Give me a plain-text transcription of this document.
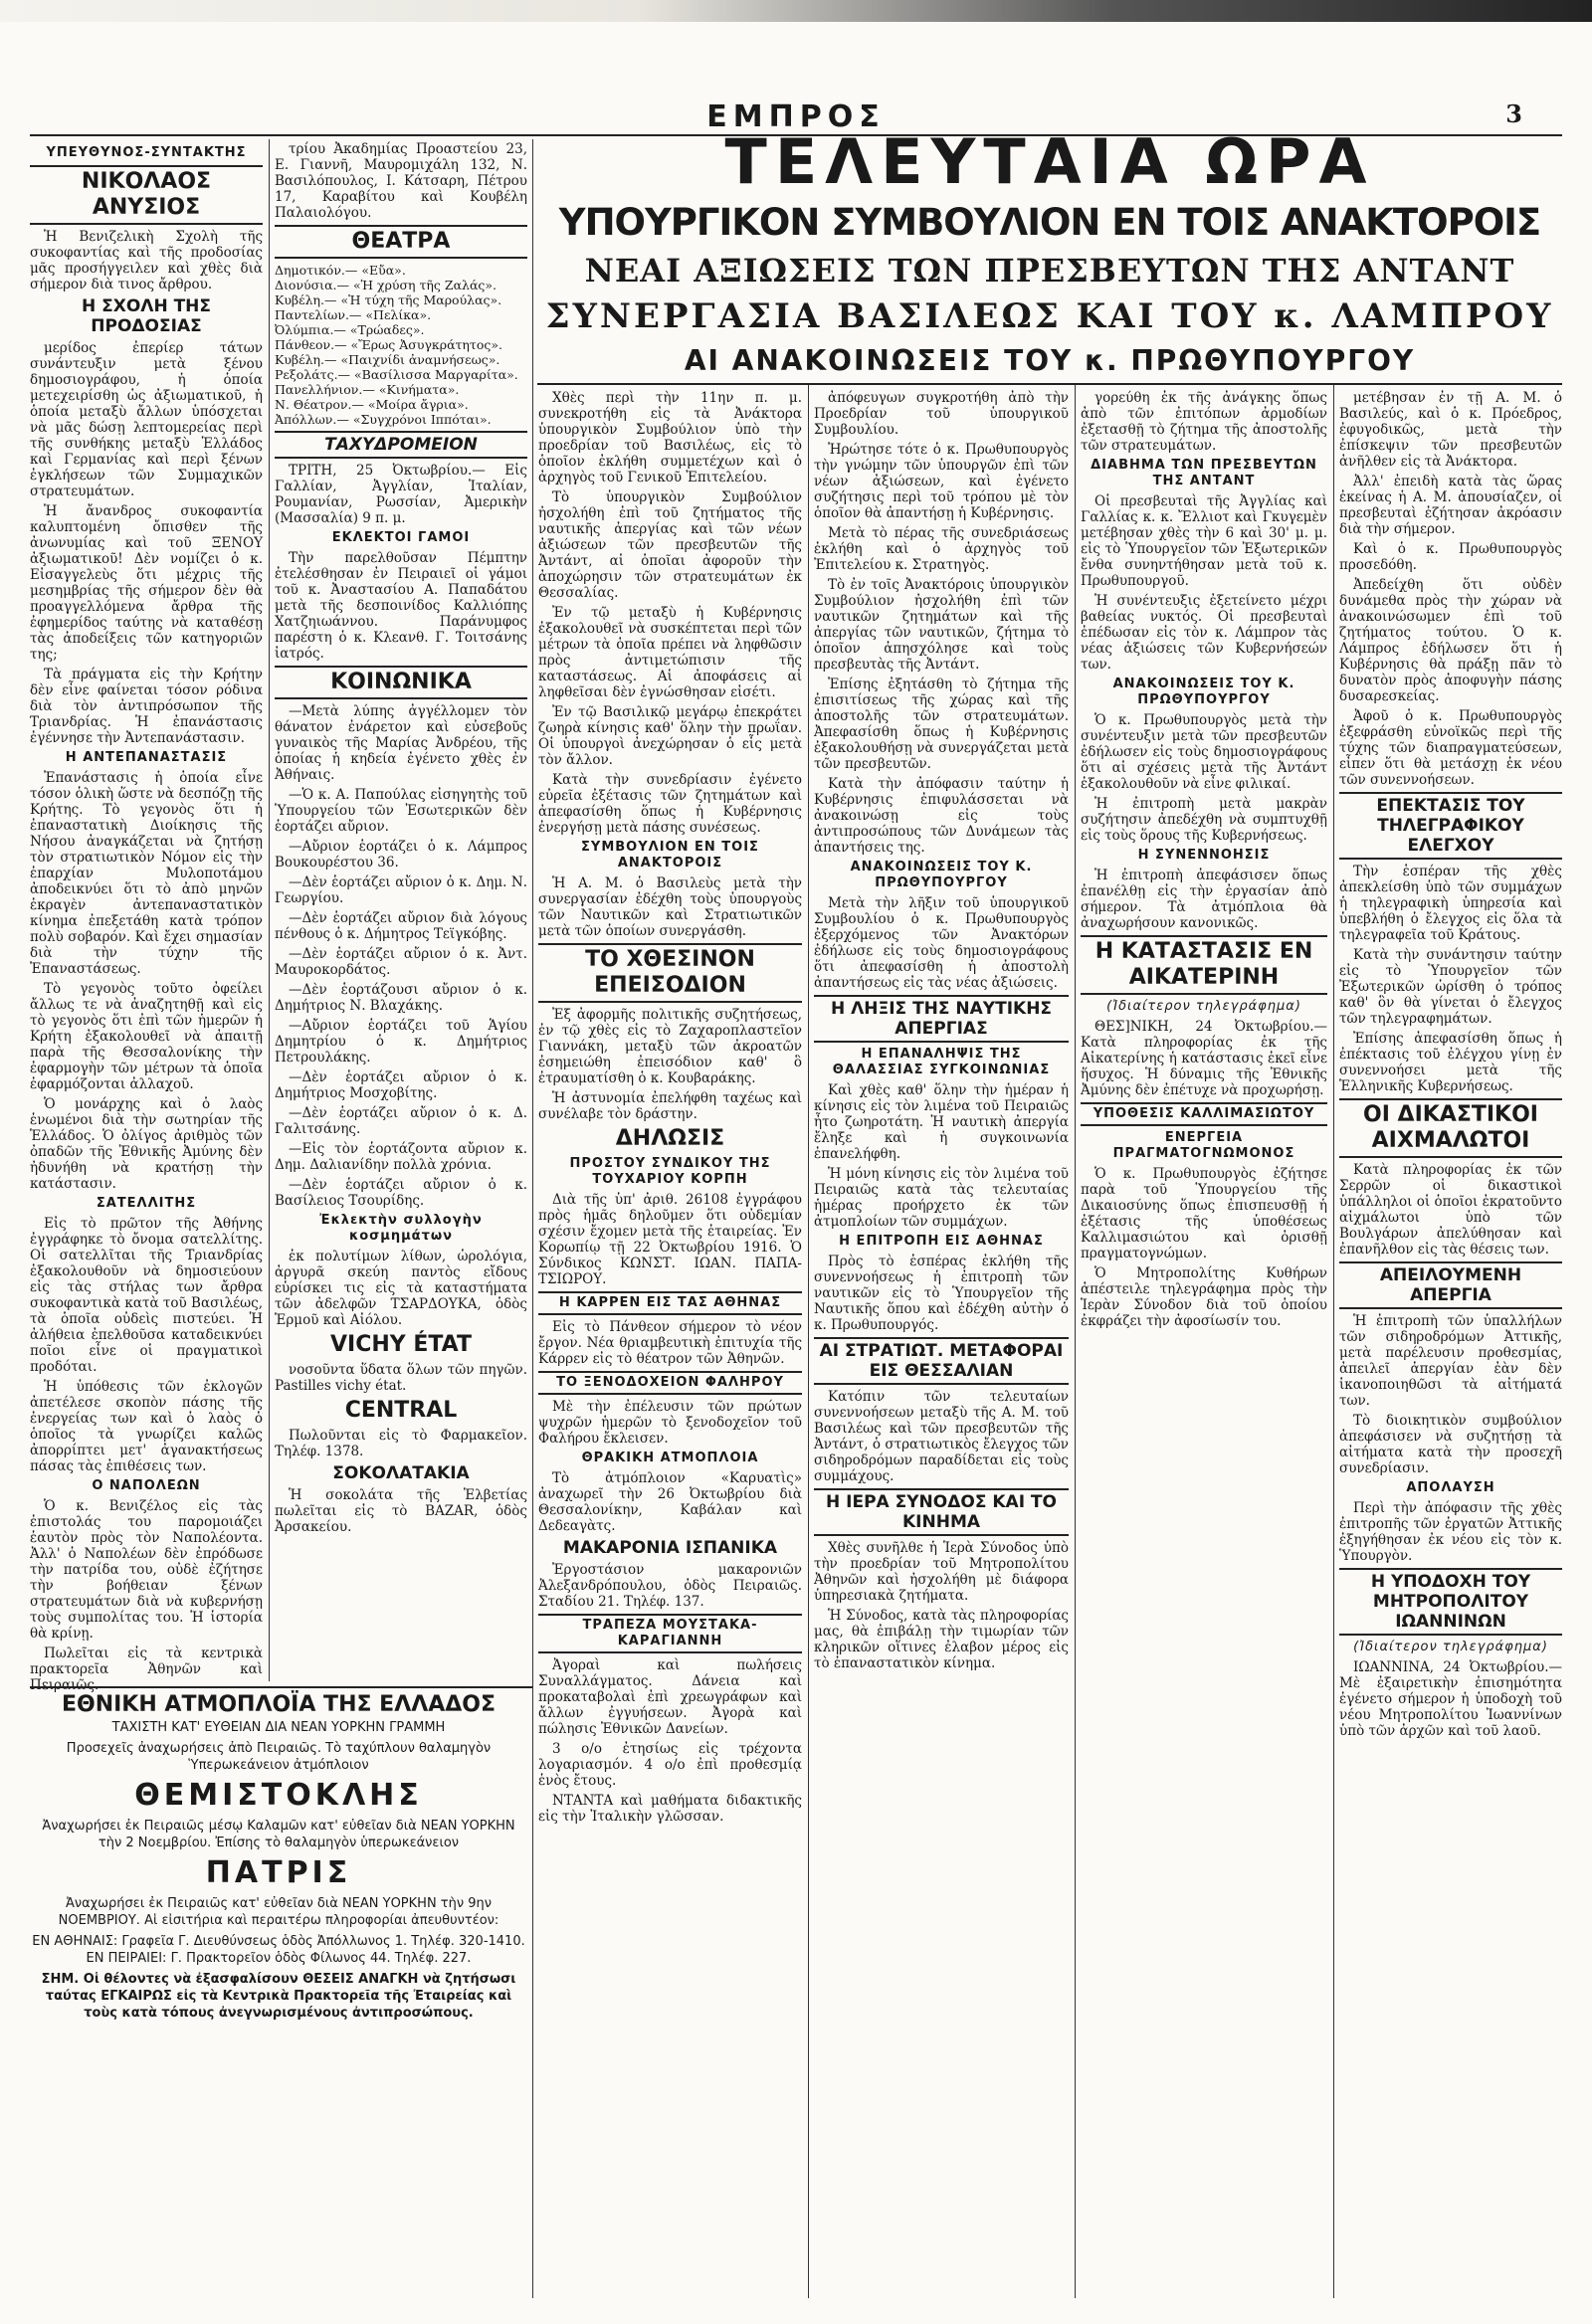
ΕΜΠΡΟΣ	3
ΤΕΛΕΥΤΑΙΑ ΩΡΑ
ΥΠΟΥΡΓΙΚΟΝ ΣΥΜΒΟΥΛΙΟΝ ΕΝ ΤΟΙΣ ΑΝΑΚΤΟΡΟΙΣ
ΝΕΑΙ ΑΞΙΩΣΕΙΣ ΤΩΝ ΠΡΕΣΒΕΥΤΩΝ ΤΗΣ ΑΝΤΑΝΤ
ΣΥΝΕΡΓΑΣΙΑ ΒΑΣΙΛΕΩΣ ΚΑΙ ΤΟΥ κ. ΛΑΜΠΡΟΥ
ΑΙ ΑΝΑΚΟΙΝΩΣΕΙΣ ΤΟΥ κ. ΠΡΩΘΥΠΟΥΡΓΟΥ
ΥΠΕΥΘΥΝΟΣ-ΣΥΝΤΑΚΤΗΣ
ΝΙΚΟΛΑΟΣ ΑΝΥΣΙΟΣ

Ἡ Βενιζελικὴ Σχολὴ τῆς συκοφαντίας καὶ τῆς προδοσίας μᾶς προσήγγειλεν καὶ χθὲς διὰ σήμερον διὰ τινος ἄρθρου.

Η ΣΧΟΛΗ ΤΗΣ ΠΡΟΔΟΣΙΑΣ

μερίδος ἐπερίερ τάτων συνάντευξιν μετὰ ξένου δημοσιογράφου, ἡ ὁποία μετεχειρίσθη ὡς ἀξιωματικοῦ, ἡ ὁποία μεταξὺ ἄλλων ὑπόσχεται νὰ μᾶς δώσῃ λεπτομερείας περὶ τῆς συνθήκης μεταξὺ Ἑλλάδος καὶ Γερμανίας καὶ περὶ ξένων ἐγκλήσεων τῶν Συμμαχικῶν στρατευμάτων.

Ἡ ἄνανδρος συκοφαντία καλυπτομένη ὄπισθεν τῆς ἀνωνυμίας καὶ τοῦ ΞΕΝΟΥ ἀξιωματικοῦ! Δὲν νομίζει ὁ κ. Εἰσαγγελεὺς ὅτι μέχρις τῆς μεσημβρίας τῆς σήμερον δὲν θὰ προαγγελλόμενα ἄρθρα τῆς ἐφημερίδος ταύτης νὰ καταθέσῃ τὰς ἀποδείξεις τῶν κατηγοριῶν της;

Τὰ πράγματα εἰς τὴν Κρήτην δὲν εἶνε φαίνεται τόσον ρόδινα διὰ τὸν ἀντιπρόσωπον τῆς Τριανδρίας. Ἡ ἐπανάστασις ἐγέννησε τὴν Ἀντεπανάστασιν.

Η ΑΝΤΕΠΑΝΑΣΤΑΣΙΣ

Ἐπανάστασις ἡ ὁποία εἶνε τόσον ὁλικὴ ὥστε νὰ δεσπόζῃ τῆς Κρήτης. Τὸ γεγονὸς ὅτι ἡ ἐπαναστατικὴ Διοίκησις τῆς Νήσου ἀναγκάζεται νὰ ζητήσῃ τὸν στρατιωτικὸν Νόμον εἰς τὴν ἐπαρχίαν Μυλοποτάμου ἀποδεικνύει ὅτι τὸ ἀπὸ μηνῶν ἐκραγὲν ἀντεπαναστατικὸν κίνημα ἐπεξετάθη κατὰ τρόπον πολὺ σοβαρόν. Καὶ ἔχει σημασίαν διὰ τὴν τύχην τῆς Ἐπαναστάσεως.

Τὸ γεγονὸς τοῦτο ὀφείλει ἄλλως τε νὰ ἀναζητηθῇ καὶ εἰς τὸ γεγονὸς ὅτι ἐπὶ τῶν ἡμερῶν ἡ Κρήτη ἐξακολουθεῖ νὰ ἀπαιτῇ παρὰ τῆς Θεσσαλονίκης τὴν ἐφαρμογὴν τῶν μέτρων τὰ ὁποῖα ἐφαρμόζονται ἀλλαχοῦ.

Ὁ μονάρχης καὶ ὁ λαὸς ἑνωμένοι διὰ τὴν σωτηρίαν τῆς Ἑλλάδος. Ὁ ὀλίγος ἀριθμὸς τῶν ὀπαδῶν τῆς Ἐθνικῆς Ἀμύνης δὲν ἠδυνήθη νὰ κρατήσῃ τὴν κατάστασιν.

ΣΑΤΕΛΛΙΤΗΣ

Εἰς τὸ πρῶτον τῆς Ἀθήνης ἐγγράφηκε τὸ ὄνομα σατελλίτης. Οἱ σατελλῖται τῆς Τριανδρίας ἐξακολουθοῦν νὰ δημοσιεύουν εἰς τὰς στήλας των ἄρθρα συκοφαντικὰ κατὰ τοῦ Βασιλέως, τὰ ὁποῖα οὐδεὶς πιστεύει. Ἡ ἀλήθεια ἐπελθοῦσα καταδεικνύει ποῖοι εἶνε οἱ πραγματικοὶ προδόται.

Ἡ ὑπόθεσις τῶν ἐκλογῶν ἀπετέλεσε σκοπὸν πάσης τῆς ἐνεργείας των καὶ ὁ λαὸς ὁ ὁποῖος τὰ γνωρίζει καλῶς ἀπορρίπτει μετ' ἀγανακτήσεως πάσας τὰς ἐπιθέσεις των.

Ο ΝΑΠΟΛΕΩΝ

Ὁ κ. Βενιζέλος εἰς τὰς ἐπιστολάς του παρομοιάζει ἑαυτὸν πρὸς τὸν Ναπολέοντα. Ἀλλ' ὁ Ναπολέων δὲν ἐπρόδωσε τὴν πατρίδα του, οὐδὲ ἐζήτησε τὴν βοήθειαν ξένων στρατευμάτων διὰ νὰ κυβερνήσῃ τοὺς συμπολίτας του. Ἡ ἱστορία θὰ κρίνῃ.

Πωλεῖται εἰς τὰ κεντρικὰ πρακτορεῖα Ἀθηνῶν καὶ Πειραιῶς.

τρίου Ἀκαδημίας Προαστείου 23, Ε. Γιαννῆ, Μαυρομιχάλη 132, Ν. Βασιλόπουλος, Ι. Κάτσαρη, Πέτρου 17, Καραβίτου καὶ Κουβέλη Παλαιολόγου.

ΘΕΑΤΡΑ
Δημοτικόν.— «Εὔα».
Διονύσια.— «Ἡ χρύση τῆς Ζαλάς».
Κυβέλη.— «Ἡ τύχη τῆς Μαρούλας».
Παντελίων.— «Πελίκα».
Ὀλύμπια.— «Τρώαδες».
Πάνθεον.— «Ἔρως Ἀσυγκράτητος».
Κυβέλη.— «Παιχνίδι ἀναμνήσεως».
Ρεξολάτς.— «Βασίλισσα Μαργαρίτα».
Πανελλήνιον.— «Κινήματα».
Ν. Θέατρον.— «Μοίρα ἄγρια».
Ἀπόλλων.— «Συγχρόνοι Ιππόται».
ΤΑΧΥΔΡΟΜΕΙΟΝ

ΤΡΙΤΗ, 25 Ὀκτωβρίου.— Εἰς Γαλλίαν, Ἀγγλίαν, Ἰταλίαν, Ρουμανίαν, Ρωσσίαν, Ἀμερικὴν (Μασσαλία) 9 π. μ.

ΕΚΛΕΚΤΟΙ ΓΑΜΟΙ

Τὴν παρελθοῦσαν Πέμπτην ἐτελέσθησαν ἐν Πειραιεῖ οἱ γάμοι τοῦ κ. Ἀναστασίου Α. Παπαδάτου μετὰ τῆς δεσποινίδος Καλλιόπης Χατζηιωάννου. Παράνυμφος παρέστη ὁ κ. Κλεανθ. Γ. Τοιτσάνης ἰατρός.

ΚΟΙΝΩΝΙΚΑ

—Μετὰ λύπης ἀγγέλλομεν τὸν θάνατον ἐνάρετον καὶ εὐσεβοῦς γυναικὸς τῆς Μαρίας Ἀνδρέου, τῆς ὁποίας ἡ κηδεία ἐγένετο χθὲς ἐν Ἀθήναις.

—Ὁ κ. Α. Παπούλας εἰσηγητὴς τοῦ Ὑπουργείου τῶν Ἐσωτερικῶν δὲν ἑορτάζει αὔριον.

—Αὔριον ἑορτάζει ὁ κ. Λάμπρος Βουκουρέστου 36.

—Δὲν ἑορτάζει αὔριον ὁ κ. Δημ. Ν. Γεωργίου.

—Δὲν ἑορτάζει αὔριον διὰ λόγους πένθους ὁ κ. Δήμητρος Τεϊγκόβης.

—Δὲν ἑορτάζει αὔριον ὁ κ. Ἀντ. Μαυροκορδάτος.

—Δὲν ἑορτάζουσι αὔριον ὁ κ. Δημήτριος Ν. Βλαχάκης.

—Αὔριον ἑορτάζει τοῦ Ἁγίου Δημητρίου ὁ κ. Δημήτριος Πετρουλάκης.

—Δὲν ἑορτάζει αὔριον ὁ κ. Δημήτριος Μοσχοβίτης.

—Δὲν ἑορτάζει αὔριον ὁ κ. Δ. Γαλιτσάνης.

—Εἰς τὸν ἑορτάζοντα αὔριον κ. Δημ. Δαλιανίδην πολλὰ χρόνια.

—Δὲν ἑορτάζει αὔριον ὁ κ. Βασίλειος Τσουρίδης.

Ἐκλεκτὴν συλλογὴν κοσμημάτων

ἐκ πολυτίμων λίθων, ὡρολόγια, ἀργυρᾶ σκεύη παντὸς εἴδους εὑρίσκει τις εἰς τὰ καταστήματα τῶν ἀδελφῶν ΤΣΑΡΔΟΥΚΑ, ὁδὸς Ἑρμοῦ καὶ Αἰόλου.

VICHY ÉTAT

νοσοῦντα ὕδατα ὅλων τῶν πηγῶν. Pastilles vichy état.

CENTRAL

Πωλοῦνται εἰς τὸ Φαρμακεῖον. Τηλέφ. 1378.

ΣΟΚΟΛΑΤΑΚΙΑ

Ἡ σοκολάτα τῆς Ἑλβετίας πωλεῖται εἰς τὸ BAZAR, ὁδὸς Ἀρσακείου.

ΕΘΝΙΚΗ ΑΤΜΟΠΛΟΪΑ ΤΗΣ ΕΛΛΑΔΟΣ
ΤΑΧΙΣΤΗ ΚΑΤ' ΕΥΘΕΙΑΝ ΔΙΑ ΝΕΑΝ ΥΟΡΚΗΝ ΓΡΑΜΜΗ
Προσεχεῖς ἀναχωρήσεις ἀπὸ Πειραιῶς. Τὸ ταχύπλουν θαλαμηγὸν Ὑπερωκεάνειον ἀτμόπλοιον
ΘΕΜΙΣΤΟΚΛΗΣ
Ἀναχωρήσει ἐκ Πειραιῶς μέσῳ Καλαμῶν κατ' εὐθεῖαν διὰ ΝΕΑΝ ΥΟΡΚΗΝ τὴν 2 Νοεμβρίου. Ἐπίσης τὸ θαλαμηγὸν ὑπερωκεάνειον
ΠΑΤΡΙΣ
Ἀναχωρήσει ἐκ Πειραιῶς κατ' εὐθεῖαν διὰ ΝΕΑΝ ΥΟΡΚΗΝ τὴν 9ην ΝΟΕΜΒΡΙΟΥ. Αἱ εἰσιτήρια καὶ περαιτέρω πληροφορίαι ἀπευθυντέον:
ΕΝ ΑΘΗΝΑΙΣ: Γραφεῖα Γ. Διευθύνσεως ὁδὸς Ἀπόλλωνος 1. Τηλέφ. 320-1410. ΕΝ ΠΕΙΡΑΙΕΙ: Γ. Πρακτορεῖον ὁδὸς Φίλωνος 44. Τηλέφ. 227.
ΣΗΜ. Οἱ θέλοντες νὰ ἐξασφαλίσουν ΘΕΣΕΙΣ ΑΝΑΓΚΗ νὰ ζητήσωσι ταύτας ΕΓΚΑΙΡΩΣ εἰς τὰ Κεντρικὰ Πρακτορεῖα τῆς Ἐταιρείας καὶ τοὺς κατὰ τόπους ἀνεγνωρισμένους ἀντιπροσώπους.

Χθὲς περὶ τὴν 11ην π. μ. συνεκροτήθη εἰς τὰ Ἀνάκτορα ὑπουργικὸν Συμβούλιον ὑπὸ τὴν προεδρίαν τοῦ Βασιλέως, εἰς τὸ ὁποῖον ἐκλήθη συμμετέχων καὶ ὁ ἀρχηγὸς τοῦ Γενικοῦ Ἐπιτελείου.

Τὸ ὑπουργικὸν Συμβούλιον ἠσχολήθη ἐπὶ τοῦ ζητήματος τῆς ναυτικῆς ἀπεργίας καὶ τῶν νέων ἀξιώσεων τῶν πρεσβευτῶν τῆς Ἀντάντ, αἱ ὁποῖαι ἀφοροῦν τὴν ἀποχώρησιν τῶν στρατευμάτων ἐκ Θεσσαλίας.

Ἐν τῷ μεταξὺ ἡ Κυβέρνησις ἐξακολουθεῖ νὰ συσκέπτεται περὶ τῶν μέτρων τὰ ὁποῖα πρέπει νὰ ληφθῶσιν πρὸς ἀντιμετώπισιν τῆς καταστάσεως. Αἱ ἀποφάσεις αἱ ληφθεῖσαι δὲν ἐγνώσθησαν εἰσέτι.

Ἐν τῷ Βασιλικῷ μεγάρῳ ἐπεκράτει ζωηρὰ κίνησις καθ' ὅλην τὴν πρωΐαν. Οἱ ὑπουργοὶ ἀνεχώρησαν ὁ εἷς μετὰ τὸν ἄλλον.

Κατὰ τὴν συνεδρίασιν ἐγένετο εὐρεῖα ἐξέτασις τῶν ζητημάτων καὶ ἀπεφασίσθη ὅπως ἡ Κυβέρνησις ἐνεργήσῃ μετὰ πάσης συνέσεως.

ΣΥΜΒΟΥΛΙΟΝ ΕΝ ΤΟΙΣ ΑΝΑΚΤΟΡΟΙΣ

Ἡ Α. Μ. ὁ Βασιλεὺς μετὰ τὴν συνεργασίαν ἐδέχθη τοὺς ὑπουργοὺς τῶν Ναυτικῶν καὶ Στρατιωτικῶν μετὰ τῶν ὁποίων συνεργάσθη.

ΤΟ ΧΘΕΣΙΝΟΝ ΕΠΕΙΣΟΔΙΟΝ

Ἐξ ἀφορμῆς πολιτικῆς συζητήσεως, ἐν τῷ χθὲς εἰς τὸ Ζαχαροπλαστεῖον Γιαννάκη, μεταξὺ τῶν ἀκροατῶν ἐσημειώθη ἐπεισόδιον καθ' ὃ ἐτραυματίσθη ὁ κ. Κουβαράκης.

Ἡ ἀστυνομία ἐπελήφθη ταχέως καὶ συνέλαβε τὸν δράστην.

ΔΗΛΩΣΙΣ
ΠΡΟΣΤΟΥ ΣΥΝΔΙΚΟΥ ΤΗΣ ΤΟΥΧΑΡΙΟΥ ΚΟΡΠΗ

Διὰ τῆς ὑπ' ἀριθ. 26108 ἐγγράφου πρὸς ἡμᾶς δηλοῦμεν ὅτι οὐδεμίαν σχέσιν ἔχομεν μετὰ τῆς ἐταιρείας. Ἐν Κορωπίῳ τῇ 22 Ὀκτωβρίου 1916. Ὁ Σύνδικος ΚΩΝΣΤ. ΙΩΑΝ. ΠΑΠΑ-ΤΣΙΩΡΟΥ.

Η ΚΑΡΡΕΝ ΕΙΣ ΤΑΣ ΑΘΗΝΑΣ

Εἰς τὸ Πάνθεον σήμερον τὸ νέον ἔργον. Νέα θριαμβευτικὴ ἐπιτυχία τῆς Κάρρεν εἰς τὸ θέατρον τῶν Ἀθηνῶν.

ΤΟ ΞΕΝΟΔΟΧΕΙΟΝ ΦΑΛΗΡΟΥ

Μὲ τὴν ἐπέλευσιν τῶν πρώτων ψυχρῶν ἡμερῶν τὸ ξενοδοχεῖον τοῦ Φαλήρου ἔκλεισεν.

ΘΡΑΚΙΚΗ ΑΤΜΟΠΛΟΙΑ

Τὸ ἀτμόπλοιον «Καρυατὶς» ἀναχωρεῖ τὴν 26 Ὀκτωβρίου διὰ Θεσσαλονίκην, Καβάλαν καὶ Δεδεαγὰτς.

ΜΑΚΑΡΟΝΙΑ ΙΣΠΑΝΙΚΑ

Ἐργοστάσιον μακαρονιῶν Ἀλεξανδρόπουλου, ὁδὸς Πειραιῶς. Σταδίου 21. Τηλέφ. 137.

ΤΡΑΠΕΖΑ ΜΟΥΣΤΑΚΑ-ΚΑΡΑΓΙΑΝΝΗ

Ἀγοραὶ καὶ πωλήσεις Συναλλάγματος. Δάνεια καὶ προκαταβολαὶ ἐπὶ χρεωγράφων καὶ ἄλλων ἐγγυήσεων. Ἀγορὰ καὶ πώλησις Ἐθνικῶν Δανείων.

3 ο/ο ἐτησίως εἰς τρέχοντα λογαριασμόν. 4 ο/ο ἐπὶ προθεσμίᾳ ἑνὸς ἔτους.

ΝΤΑΝΤΑ καὶ μαθήματα διδακτικῆς εἰς τὴν Ἰταλικὴν γλῶσσαν.

ἀπόφευγων συγκροτήθη ἀπὸ τὴν Προεδρίαν τοῦ ὑπουργικοῦ Συμβουλίου.

Ἠρώτησε τότε ὁ κ. Πρωθυπουργὸς τὴν γνώμην τῶν ὑπουργῶν ἐπὶ τῶν νέων ἀξιώσεων, καὶ ἐγένετο συζήτησις περὶ τοῦ τρόπου μὲ τὸν ὁποῖον θὰ ἀπαντήσῃ ἡ Κυβέρνησις.

Μετὰ τὸ πέρας τῆς συνεδριάσεως ἐκλήθη καὶ ὁ ἀρχηγὸς τοῦ Ἐπιτελείου κ. Στρατηγὸς.

Τὸ ἐν τοῖς Ἀνακτόροις ὑπουργικὸν Συμβούλιον ἠσχολήθη ἐπὶ τῶν ναυτικῶν ζητημάτων καὶ τῆς ἀπεργίας τῶν ναυτικῶν, ζήτημα τὸ ὁποῖον ἀπησχόλησε καὶ τοὺς πρεσβευτὰς τῆς Ἀντάντ.

Ἐπίσης ἐξητάσθη τὸ ζήτημα τῆς ἐπισιτίσεως τῆς χώρας καὶ τῆς ἀποστολῆς τῶν στρατευμάτων. Ἀπεφασίσθη ὅπως ἡ Κυβέρνησις ἐξακολουθήσῃ νὰ συνεργάζεται μετὰ τῶν πρεσβευτῶν.

Κατὰ τὴν ἀπόφασιν ταύτην ἡ Κυβέρνησις ἐπιφυλάσσεται νὰ ἀνακοινώσῃ εἰς τοὺς ἀντιπροσώπους τῶν Δυνάμεων τὰς ἀπαντήσεις της.

ΑΝΑΚΟΙΝΩΣΕΙΣ ΤΟΥ Κ. ΠΡΩΘΥΠΟΥΡΓΟΥ

Μετὰ τὴν λῆξιν τοῦ ὑπουργικοῦ Συμβουλίου ὁ κ. Πρωθυπουργὸς ἐξερχόμενος τῶν Ἀνακτόρων ἐδήλωσε εἰς τοὺς δημοσιογράφους ὅτι ἀπεφασίσθη ἡ ἀποστολὴ ἀπαντήσεως εἰς τὰς νέας ἀξιώσεις.

Η ΛΗΞΙΣ ΤΗΣ ΝΑΥΤΙΚΗΣ ΑΠΕΡΓΙΑΣ
Η ΕΠΑΝΑΛΗΨΙΣ ΤΗΣ ΘΑΛΑΣΣΙΑΣ ΣΥΓΚΟΙΝΩΝΙΑΣ

Καὶ χθὲς καθ' ὅλην τὴν ἡμέραν ἡ κίνησις εἰς τὸν λιμένα τοῦ Πειραιῶς ἦτο ζωηροτάτη. Ἡ ναυτικὴ ἀπεργία ἔληξε καὶ ἡ συγκοινωνία ἐπανελήφθη.

Ἡ μόνη κίνησις εἰς τὸν λιμένα τοῦ Πειραιῶς κατὰ τὰς τελευταίας ἡμέρας προήρχετο ἐκ τῶν ἀτμοπλοίων τῶν συμμάχων.

Η ΕΠΙΤΡΟΠΗ ΕΙΣ ΑΘΗΝΑΣ

Πρὸς τὸ ἑσπέρας ἐκλήθη τῆς συνεννοήσεως ἡ ἐπιτροπὴ τῶν ναυτικῶν εἰς τὸ Ὑπουργεῖον τῆς Ναυτικῆς ὅπου καὶ ἐδέχθη αὐτὴν ὁ κ. Πρωθυπουργός.

ΑΙ ΣΤΡΑΤΙΩΤ. ΜΕΤΑΦΟΡΑΙ ΕΙΣ ΘΕΣΣΑΛΙΑΝ

Κατόπιν τῶν τελευταίων συνεννοήσεων μεταξὺ τῆς Α. Μ. τοῦ Βασιλέως καὶ τῶν πρεσβευτῶν τῆς Ἀντάντ, ὁ στρατιωτικὸς ἔλεγχος τῶν σιδηροδρόμων παραδίδεται εἰς τοὺς συμμάχους.

Η ΙΕΡΑ ΣΥΝΟΔΟΣ ΚΑΙ ΤΟ ΚΙΝΗΜΑ

Χθὲς συνῆλθε ἡ Ἱερὰ Σύνοδος ὑπὸ τὴν προεδρίαν τοῦ Μητροπολίτου Ἀθηνῶν καὶ ἠσχολήθη μὲ διάφορα ὑπηρεσιακὰ ζητήματα.

Ἡ Σύνοδος, κατὰ τὰς πληροφορίας μας, θὰ ἐπιβάλῃ τὴν τιμωρίαν τῶν κληρικῶν οἵτινες ἐλαβον μέρος εἰς τὸ ἐπαναστατικὸν κίνημα.

γορεύθη ἐκ τῆς ἀνάγκης ὅπως ἀπὸ τῶν ἐπιτόπων ἀρμοδίων ἐξετασθῇ τὸ ζήτημα τῆς ἀποστολῆς τῶν στρατευμάτων.

ΔΙΑΒΗΜΑ ΤΩΝ ΠΡΕΣΒΕΥΤΩΝ ΤΗΣ ΑΝΤΑΝΤ

Οἱ πρεσβευταὶ τῆς Ἀγγλίας καὶ Γαλλίας κ. κ. Ἔλλιοτ καὶ Γκυγεμὲν μετέβησαν χθὲς τὴν 6 καὶ 30' μ. μ. εἰς τὸ Ὑπουργεῖον τῶν Ἐξωτερικῶν ἔνθα συνηντήθησαν μετὰ τοῦ κ. Πρωθυπουργοῦ.

Ἡ συνέντευξις ἐξετείνετο μέχρι βαθείας νυκτός. Οἱ πρεσβευταὶ ἐπέδωσαν εἰς τὸν κ. Λάμπρον τὰς νέας ἀξιώσεις τῶν Κυβερνήσεών των.

ΑΝΑΚΟΙΝΩΣΕΙΣ ΤΟΥ Κ. ΠΡΩΘΥΠΟΥΡΓΟΥ

Ὁ κ. Πρωθυπουργὸς μετὰ τὴν συνέντευξιν μετὰ τῶν πρεσβευτῶν ἐδήλωσεν εἰς τοὺς δημοσιογράφους ὅτι αἱ σχέσεις μετὰ τῆς Ἀντάντ ἐξακολουθοῦν νὰ εἶνε φιλικαί.

Ἡ ἐπιτροπὴ μετὰ μακρὰν συζήτησιν ἀπεδέχθη νὰ συμπτυχθῇ εἰς τοὺς ὅρους τῆς Κυβερνήσεως.

Η ΣΥΝΕΝΝΟΗΣΙΣ

Ἡ ἐπιτροπὴ ἀπεφάσισεν ὅπως ἐπανέλθῃ εἰς τὴν ἐργασίαν ἀπὸ σήμερον. Τὰ ἀτμόπλοια θὰ ἀναχωρήσουν κανονικῶς.

Η ΚΑΤΑΣΤΑΣΙΣ ΕΝ ΑΙΚΑΤΕΡΙΝΗ
(Ἰδιαίτερον τηλεγράφημα)

ΘΕΣ]ΝΙΚΗ, 24 Ὀκτωβρίου.— Κατὰ πληροφορίας ἐκ τῆς Αἰκατερίνης ἡ κατάστασις ἐκεῖ εἶνε ἥσυχος. Ἡ δύναμις τῆς Ἐθνικῆς Ἀμύνης δὲν ἐπέτυχε νὰ προχωρήσῃ.

ΥΠΟΘΕΣΙΣ ΚΑΛΛΙΜΑΣΙΩΤΟΥ
ΕΝΕΡΓΕΙΑ ΠΡΑΓΜΑΤΟΓΝΩΜΟΝΟΣ

Ὁ κ. Πρωθυπουργὸς ἐζήτησε παρὰ τοῦ Ὑπουργείου τῆς Δικαιοσύνης ὅπως ἐπισπευσθῇ ἡ ἐξέτασις τῆς ὑποθέσεως Καλλιμασιώτου καὶ ὁρισθῇ πραγματογνώμων.

Ὁ Μητροπολίτης Κυθήρων ἀπέστειλε τηλεγράφημα πρὸς τὴν Ἱερὰν Σύνοδον διὰ τοῦ ὁποίου ἐκφράζει τὴν ἀφοσίωσίν του.

μετέβησαν ἐν τῇ Α. Μ. ὁ Βασιλεύς, καὶ ὁ κ. Πρόεδρος, ἐφυγοδικῶς, μετὰ τὴν ἐπίσκεψιν τῶν πρεσβευτῶν ἀνῆλθεν εἰς τὰ Ἀνάκτορα.

Ἀλλ' ἐπειδὴ κατὰ τὰς ὥρας ἐκείνας ἡ Α. Μ. ἀπουσίαζεν, οἱ πρεσβευταὶ ἐζήτησαν ἀκρόασιν διὰ τὴν σήμερον.

Καὶ ὁ κ. Πρωθυπουργὸς προσεδόθη.

Ἀπεδείχθη ὅτι οὐδὲν δυνάμεθα πρὸς τὴν χώραν νὰ ἀνακοινώσωμεν ἐπὶ τοῦ ζητήματος τούτου. Ὁ κ. Λάμπρος ἐδήλωσεν ὅτι ἡ Κυβέρνησις θὰ πράξῃ πᾶν τὸ δυνατὸν πρὸς ἀποφυγὴν πάσης δυσαρεσκείας.

Ἀφοῦ ὁ κ. Πρωθυπουργὸς ἐξεφράσθη εὐνοϊκῶς περὶ τῆς τύχης τῶν διαπραγματεύσεων, εἶπεν ὅτι θὰ μετάσχῃ ἐκ νέου τῶν συνεννοήσεων.

ΕΠΕΚΤΑΣΙΣ ΤΟΥ ΤΗΛΕΓΡΑΦΙΚΟΥ ΕΛΕΓΧΟΥ

Τὴν ἑσπέραν τῆς χθὲς ἀπεκλείσθη ὑπὸ τῶν συμμάχων ἡ τηλεγραφικὴ ὑπηρεσία καὶ ὑπεβλήθη ὁ ἔλεγχος εἰς ὅλα τὰ τηλεγραφεῖα τοῦ Κράτους.

Κατὰ τὴν συνάντησιν ταύτην εἰς τὸ Ὑπουργεῖον τῶν Ἐξωτερικῶν ὡρίσθη ὁ τρόπος καθ' ὃν θὰ γίνεται ὁ ἔλεγχος τῶν τηλεγραφημάτων.

Ἐπίσης ἀπεφασίσθη ὅπως ἡ ἐπέκτασις τοῦ ἐλέγχου γίνῃ ἐν συνεννοήσει μετὰ τῆς Ἑλληνικῆς Κυβερνήσεως.

ΟΙ ΔΙΚΑΣΤΙΚΟΙ ΑΙΧΜΑΛΩΤΟΙ

Κατὰ πληροφορίας ἐκ τῶν Σερρῶν οἱ δικαστικοὶ ὑπάλληλοι οἱ ὁποῖοι ἐκρατοῦντο αἰχμάλωτοι ὑπὸ τῶν Βουλγάρων ἀπελύθησαν καὶ ἐπανῆλθον εἰς τὰς θέσεις των.

ΑΠΕΙΛΟΥΜΕΝΗ ΑΠΕΡΓΙΑ

Ἡ ἐπιτροπὴ τῶν ὑπαλλήλων τῶν σιδηροδρόμων Ἀττικῆς, μετὰ παρέλευσιν προθεσμίας, ἀπειλεῖ ἀπεργίαν ἐὰν δὲν ἱκανοποιηθῶσι τὰ αἰτήματά των.

Τὸ διοικητικὸν συμβούλιον ἀπεφάσισεν νὰ συζητήσῃ τὰ αἰτήματα κατὰ τὴν προσεχῆ συνεδρίασιν.

ΑΠΟΛΑΥΣΗ

Περὶ τὴν ἀπόφασιν τῆς χθὲς ἐπιτροπῆς τῶν ἐργατῶν Ἀττικῆς ἐξηγήθησαν ἐκ νέου εἰς τὸν κ. Ὑπουργὸν.

Η ΥΠΟΔΟΧΗ ΤΟΥ ΜΗΤΡΟΠΟΛΙΤΟΥ ΙΩΑΝΝΙΝΩΝ
(Ἰδιαίτερον τηλεγράφημα)

ΙΩΑΝΝΙΝΑ, 24 Ὀκτωβρίου.— Μὲ ἐξαιρετικὴν ἐπισημότητα ἐγένετο σήμερον ἡ ὑποδοχὴ τοῦ νέου Μητροπολίτου Ἰωαννίνων ὑπὸ τῶν ἀρχῶν καὶ τοῦ λαοῦ.
